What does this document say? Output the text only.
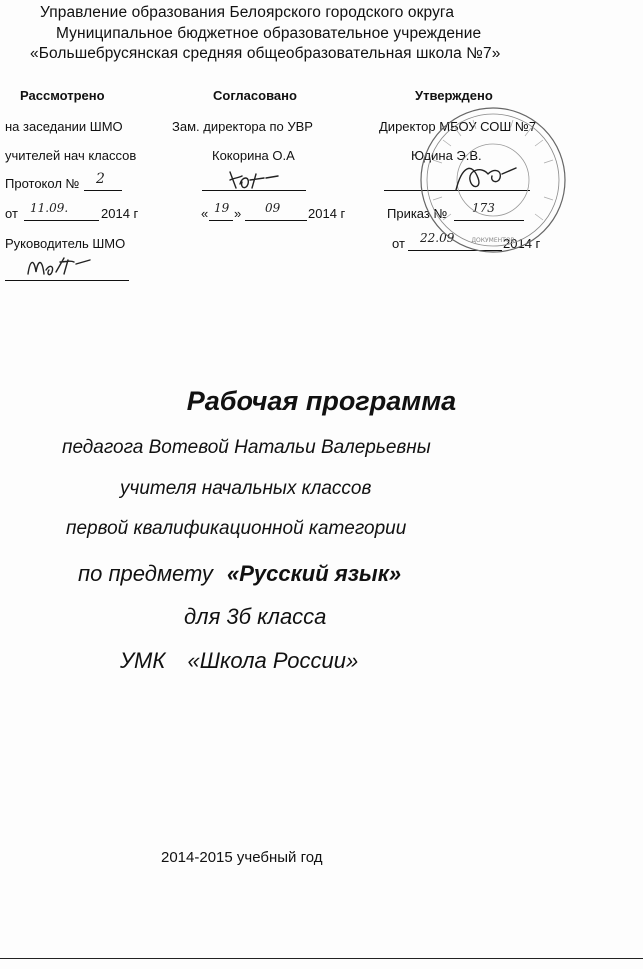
Управление образования Белоярского городского округа
Муниципальное бюджетное образовательное учреждение
«Большебрусянская средняя общеобразовательная школа №7»
Рассмотрено
на заседании ШМО
учителей нач классов
Протокол № 2
от 11.09.	2014 г
Руководитель ШМО
Согласовано
Зам. директора по УВР
Кокорина О.А
« 19 » 09 2014 г
Утверждено
Директор МБОУ СОШ №7
Юдина Э.В.
Приказ № 173
от 22.09	2014 г
ДОКУМЕНТОВ
Рабочая программа
педагога Вотевой Натальи Валерьевны
учителя начальных классов
первой квалификационной категории
по предмету «Русский язык»
для 3б класса
УМК «Школа России»
2014-2015 учебный год
